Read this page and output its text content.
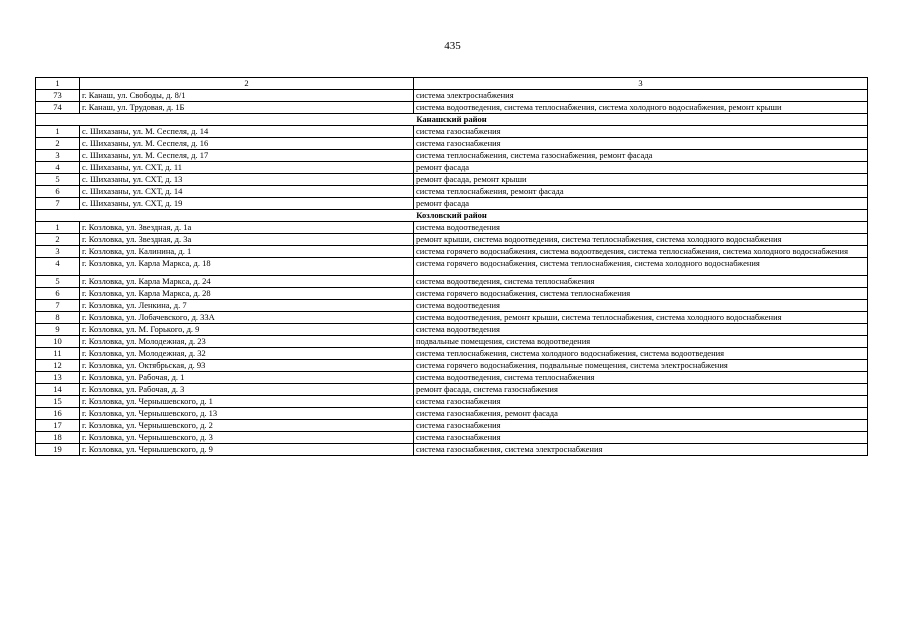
435
1	2	3
73	г. Канаш, ул. Свободы, д. 8/1	система электроснабжения
74	г. Канаш, ул. Трудовая, д. 1Б	система водоотведения, система теплоснабжения, система холодного водоснабжения, ремонт крыши
Канашский район		
1	с. Шихазаны, ул. М. Сеспеля, д. 14	система газоснабжения
2	с. Шихазаны, ул. М. Сеспеля, д. 16	система газоснабжения
3	с. Шихазаны, ул. М. Сеспеля, д. 17	система теплоснабжения, система газоснабжения, ремонт фасада
4	с. Шихазаны, ул. СХТ, д. 11	ремонт фасада
5	с. Шихазаны, ул. СХТ, д. 13	ремонт фасада, ремонт крыши
6	с. Шихазаны, ул. СХТ, д. 14	система теплоснабжения, ремонт фасада
7	с. Шихазаны, ул. СХТ, д. 19	ремонт фасада
Козловский район		
1	г. Козловка, ул. Звездная, д. 1а	система водоотведения
2	г. Козловка, ул. Звездная, д. 3а	ремонт крыши, система водоотведения, система теплоснабжения, система холодного водоснабжения
3	г. Козловка, ул. Калинина, д. 1	система горячего водоснабжения, система водоотведения, система теплоснабжения, система холодного водоснабжения
4	г. Козловка, ул. Карла Маркса, д. 18	система горячего водоснабжения, система теплоснабжения, система холодного водоснабжения
5	г. Козловка, ул. Карла Маркса, д. 24	система водоотведения, система теплоснабжения
6	г. Козловка, ул. Карла Маркса, д. 28	система горячего водоснабжения, система теплоснабжения
7	г. Козловка, ул. Ленкина, д. 7	система водоотведения
8	г. Козловка, ул. Лобачевского, д. 33А	система водоотведения, ремонт крыши, система теплоснабжения, система холодного водоснабжения
9	г. Козловка, ул. М. Горького, д. 9	система водоотведения
10	г. Козловка, ул. Молодежная, д. 23	подвальные помещения, система водоотведения
11	г. Козловка, ул. Молодежная, д. 32	система теплоснабжения, система холодного водоснабжения, система водоотведения
12	г. Козловка, ул. Октябрьская, д. 93	система горячего водоснабжения, подвальные помещения, система электроснабжения
13	г. Козловка, ул. Рабочая, д. 1	система водоотведения, система теплоснабжения
14	г. Козловка, ул. Рабочая, д. 3	ремонт фасада, система газоснабжения
15	г. Козловка, ул. Чернышевского, д. 1	система газоснабжения
16	г. Козловка, ул. Чернышевского, д. 13	система газоснабжения, ремонт фасада
17	г. Козловка, ул. Чернышевского, д. 2	система газоснабжения
18	г. Козловка, ул. Чернышевского, д. 3	система газоснабжения
19	г. Козловка, ул. Чернышевского, д. 9	система газоснабжения, система электроснабжения
